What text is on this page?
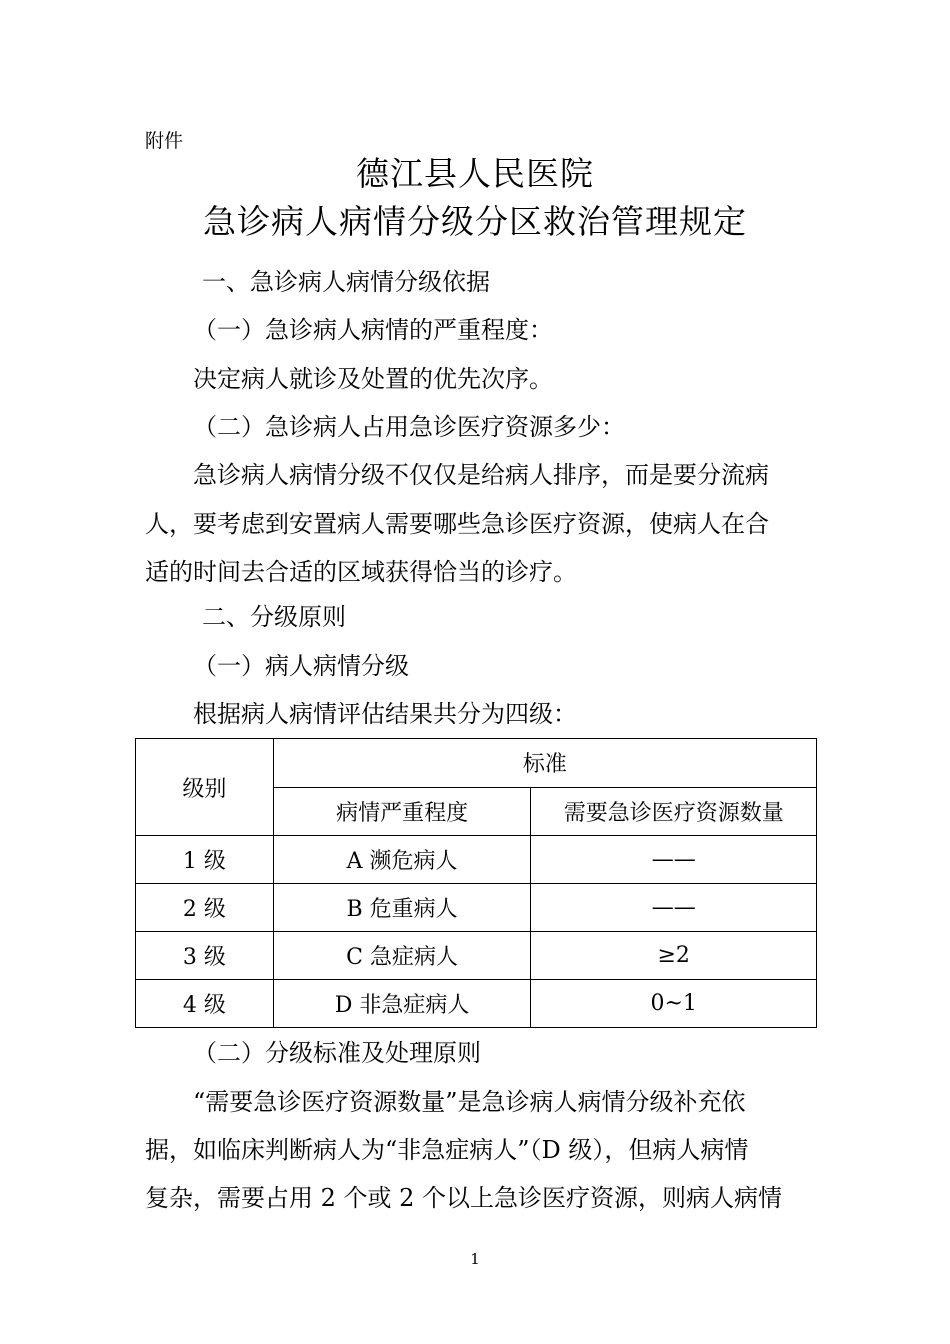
附件
德江县人民医院
急诊病人病情分级分区救治管理规定
一、急诊病人病情分级依据
（一）急诊病人病情的严重程度：
决定病人就诊及处置的优先次序。
（二）急诊病人占用急诊医疗资源多少：
急诊病人病情分级不仅仅是给病人排序，而是要分流病
人，要考虑到安置病人需要哪些急诊医疗资源，使病人在合
适的时间去合适的区域获得恰当的诊疗。
二、分级原则
（一）病人病情分级
根据病人病情评估结果共分为四级：
级别	标准	
	病情严重程度	需要急诊医疗资源数量
1 级	A 濒危病人	——
2 级	B 危重病人	——
3 级	C 急症病人	≥2
4 级	D 非急症病人	0~1
（二）分级标准及处理原则
“需要急诊医疗资源数量”是急诊病人病情分级补充依
据，如临床判断病人为“非急症病人”（D 级），但病人病情
复杂，需要占用 2 个或 2 个以上急诊医疗资源，则病人病情
1
